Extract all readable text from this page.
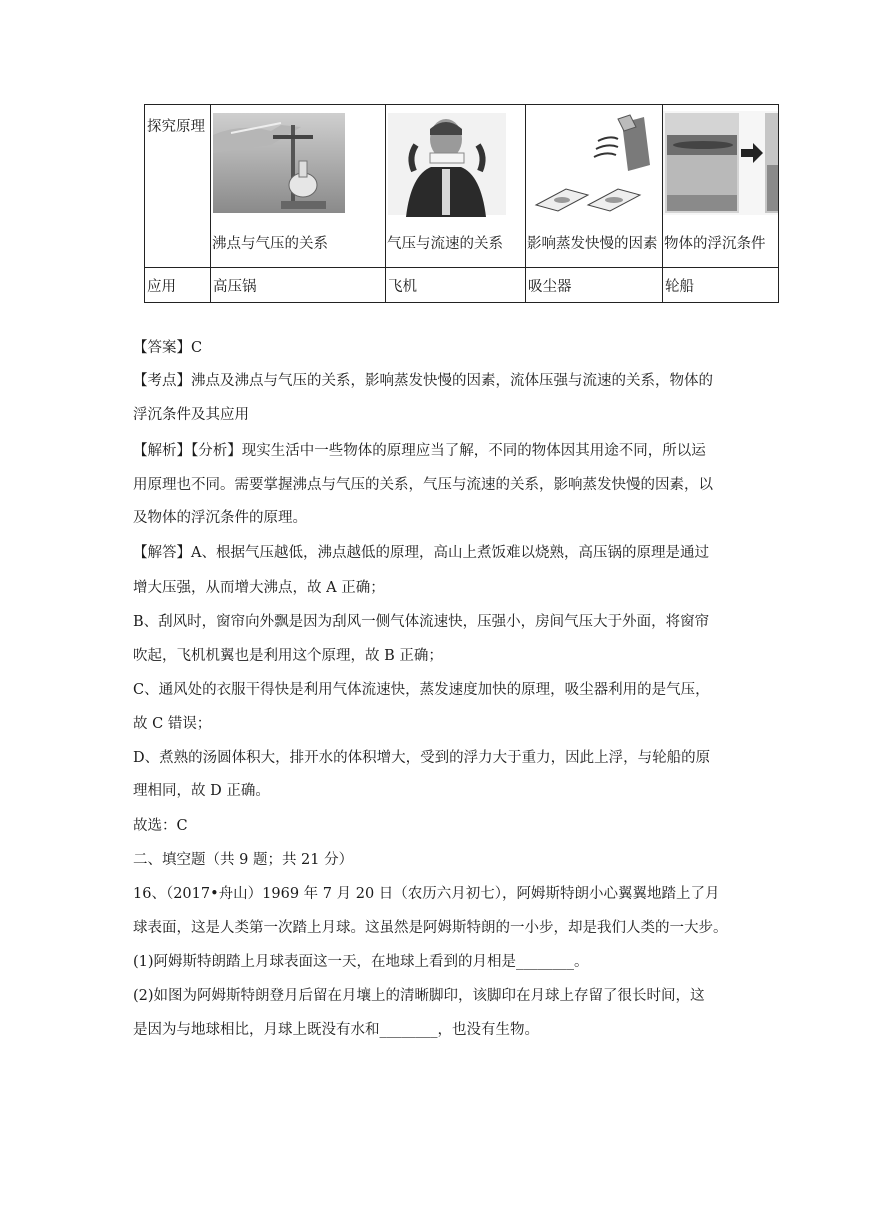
探究原理	沸点与气压的关系	气压与流速的关系	影响蒸发快慢的因素	物体的浮沉条件

应用	高压锅	飞机	吸尘器	轮船
【答案】C
【考点】沸点及沸点与气压的关系，影响蒸发快慢的因素，流体压强与流速的关系，物体的
浮沉条件及其应用
【解析】【分析】现实生活中一些物体的原理应当了解，不同的物体因其用途不同，所以运
用原理也不同。需要掌握沸点与气压的关系，气压与流速的关系，影响蒸发快慢的因素，以
及物体的浮沉条件的原理。
【解答】A、根据气压越低，沸点越低的原理，高山上煮饭难以烧熟，高压锅的原理是通过
增大压强，从而增大沸点，故 A 正确；
B、刮风时，窗帘向外飘是因为刮风一侧气体流速快，压强小，房间气压大于外面，将窗帘
吹起，飞机机翼也是利用这个原理，故 B 正确；
C、通风处的衣服干得快是利用气体流速快，蒸发速度加快的原理，吸尘器利用的是气压，
故 C 错误；
D、煮熟的汤圆体积大，排开水的体积增大，受到的浮力大于重力，因此上浮，与轮船的原
理相同，故 D 正确。
故选：C
二、填空题（共 9 题；共 21 分）
16、（2017•舟山）1969 年 7 月 20 日（农历六月初七），阿姆斯特朗小心翼翼地踏上了月
球表面，这是人类第一次踏上月球。这虽然是阿姆斯特朗的一小步，却是我们人类的一大步。
(1)阿姆斯特朗踏上月球表面这一天，在地球上看到的月相是________。
(2)如图为阿姆斯特朗登月后留在月壤上的清晰脚印，该脚印在月球上存留了很长时间，这
是因为与地球相比，月球上既没有水和________，也没有生物。
